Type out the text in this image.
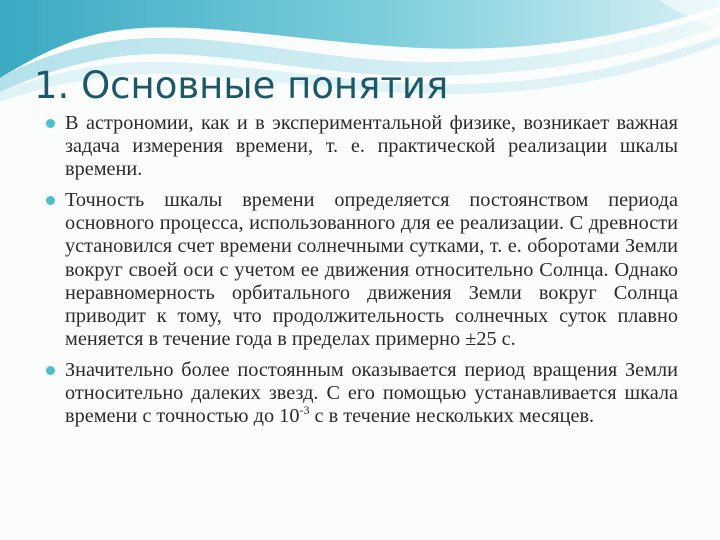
1. Основные понятия

В астрономии, как и в экспериментальной физике, возникает важная задача измерения времени, т. е. практической реализации шкалы времени.

Точность шкалы времени определяется постоянством периода основного процесса, использованного для ее реализации. С древности установился счет времени солнечными сутками, т. е. оборотами Земли вокруг своей оси с учетом ее движения относительно Солнца. Однако неравномерность орбитального движения Земли вокруг Солнца приводит к тому, что продолжительность солнечных суток плавно меняется в течение года в пределах примерно ±25 с.

Значительно более постоянным оказывается период вращения Земли относительно далеких звезд. С его помощью устанавливается шкала времени с точностью до $10^{-3}$ с в течение нескольких месяцев.
